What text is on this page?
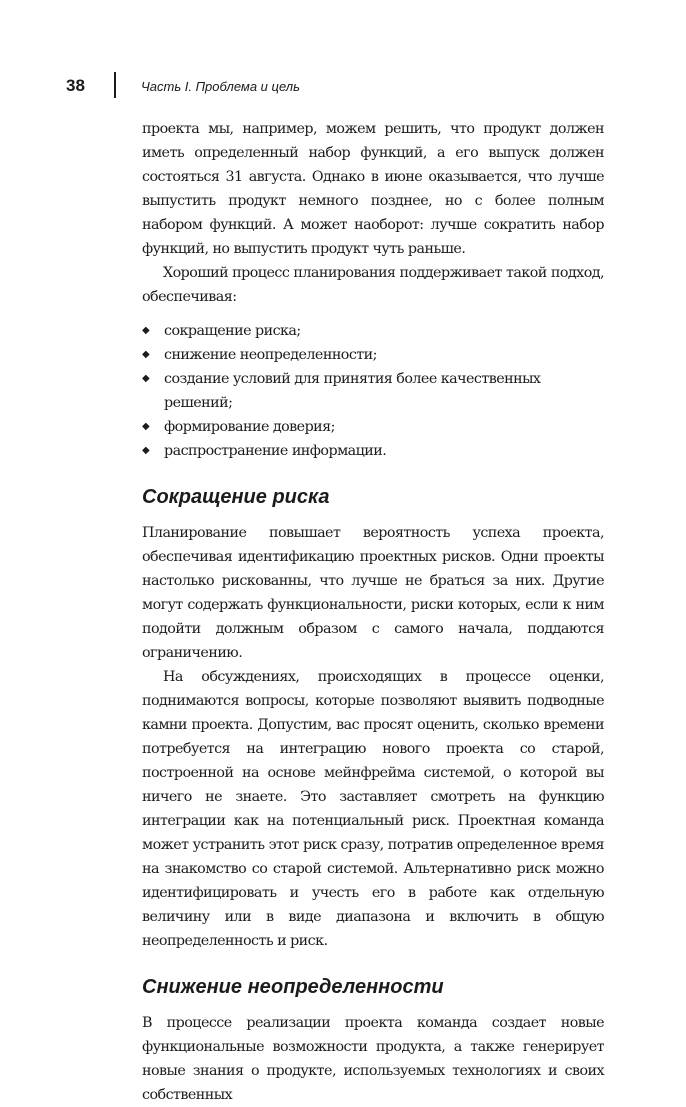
38	Часть I. Проблема и цель

проекта мы, например, можем решить, что продукт должен иметь определенный набор функций, а его выпуск должен состояться 31 августа. Однако в июне оказывается, что лучше выпустить продукт немного позднее, но с более полным набором функций. А может наоборот: лучше сократить набор функций, но выпустить продукт чуть раньше.

Хороший процесс планирования поддерживает такой подход, обеспечивая:

◆ сокращение риска;
◆ снижение неопределенности;
◆ создание условий для принятия более качественных решений;
◆ формирование доверия;
◆ распространение информации.
Сокращение риска

Планирование повышает вероятность успеха проекта, обеспечивая идентификацию проектных рисков. Одни проекты настолько рискованны, что лучше не браться за них. Другие могут содержать функциональности, риски которых, если к ним подойти должным образом с самого начала, поддаются ограничению.

На обсуждениях, происходящих в процессе оценки, поднимаются вопросы, которые позволяют выявить подводные камни проекта. Допустим, вас просят оценить, сколько времени потребуется на интеграцию нового проекта со старой, построенной на основе мейнфрейма системой, о которой вы ничего не знаете. Это заставляет смотреть на функцию интеграции как на потенциальный риск. Проектная команда может устранить этот риск сразу, потратив определенное время на знакомство со старой системой. Альтернативно риск можно идентифицировать и учесть его в работе как отдельную величину или в виде диапазона и включить в общую неопределенность и риск.

Снижение неопределенности

В процессе реализации проекта команда создает новые функциональные возможности продукта, а также генерирует новые знания о продукте, используемых технологиях и своих собственных
